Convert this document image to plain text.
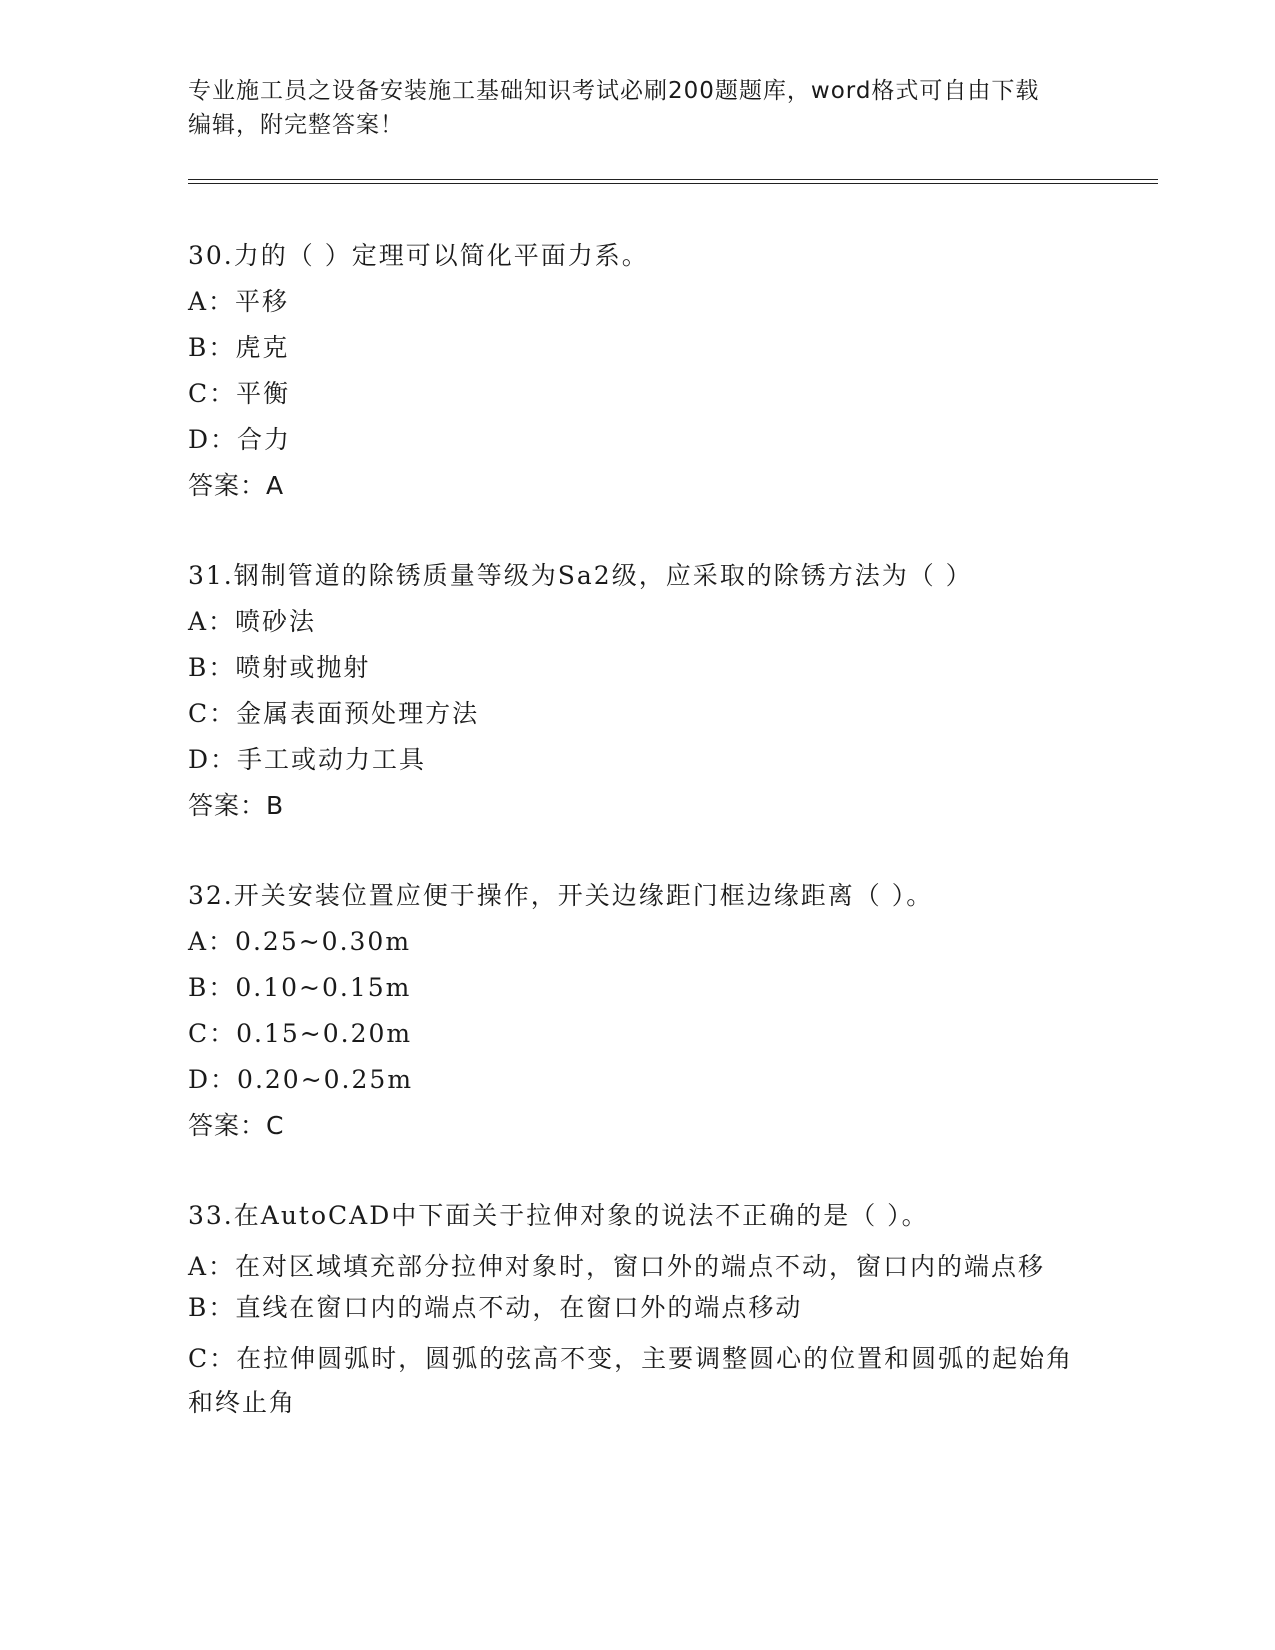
专业施工员之设备安装施工基础知识考试必刷200题题库，word格式可自由下载
编辑，附完整答案！

30.力的（ ）定理可以简化平面力系。

A：平移

B：虎克

C：平衡

D：合力

答案：A

31.钢制管道的除锈质量等级为Sa2级，应采取的除锈方法为（ ）

A：喷砂法

B：喷射或抛射

C：金属表面预处理方法

D：手工或动力工具

答案：B

32.开关安装位置应便于操作，开关边缘距门框边缘距离（ ）。

A：0.25~0.30m

B：0.10~0.15m

C：0.15~0.20m

D：0.20~0.25m

答案：C

33.在AutoCAD中下面关于拉伸对象的说法不正确的是（ ）。

A：在对区域填充部分拉伸对象时，窗口外的端点不动，窗口内的端点移

B：直线在窗口内的端点不动，在窗口外的端点移动

C：在拉伸圆弧时，圆弧的弦高不变，主要调整圆心的位置和圆弧的起始角和终止角
